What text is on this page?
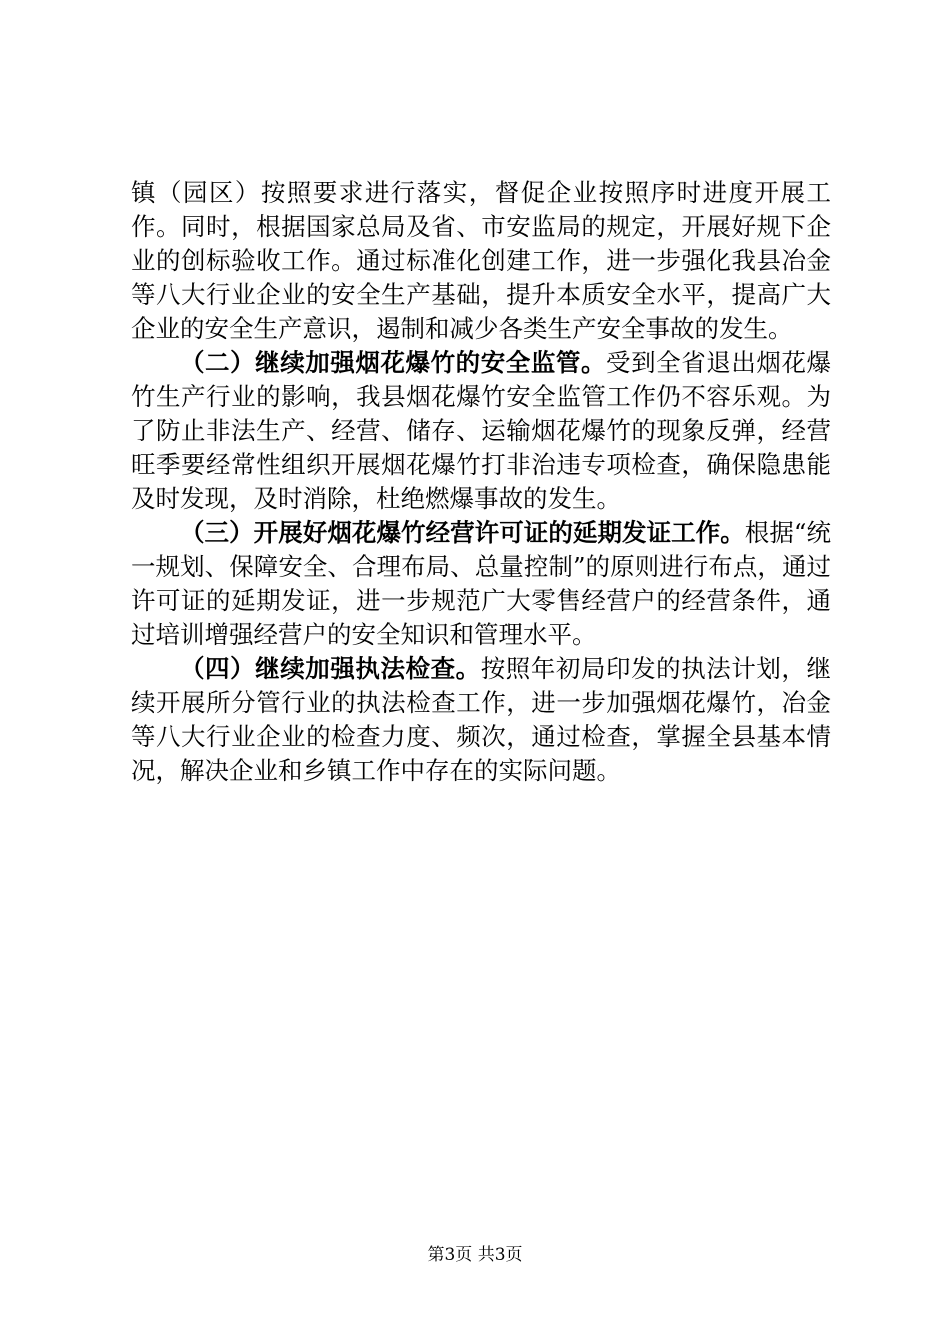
镇（园区）按照要求进行落实，督促企业按照序时进度开展工作。同时，根据国家总局及省、市安监局的规定，开展好规下企业的创标验收工作。通过标准化创建工作，进一步强化我县冶金等八大行业企业的安全生产基础，提升本质安全水平，提高广大企业的安全生产意识，遏制和减少各类生产安全事故的发生。

（二）继续加强烟花爆竹的安全监管。受到全省退出烟花爆竹生产行业的影响，我县烟花爆竹安全监管工作仍不容乐观。为了防止非法生产、经营、储存、运输烟花爆竹的现象反弹，经营旺季要经常性组织开展烟花爆竹打非治违专项检查，确保隐患能及时发现，及时消除，杜绝燃爆事故的发生。

（三）开展好烟花爆竹经营许可证的延期发证工作。根据“统一规划、保障安全、合理布局、总量控制”的原则进行布点，通过许可证的延期发证，进一步规范广大零售经营户的经营条件，通过培训增强经营户的安全知识和管理水平。

（四）继续加强执法检查。按照年初局印发的执法计划，继续开展所分管行业的执法检查工作，进一步加强烟花爆竹，冶金等八大行业企业的检查力度、频次，通过检查，掌握全县基本情况，解决企业和乡镇工作中存在的实际问题。

第3页 共3页
